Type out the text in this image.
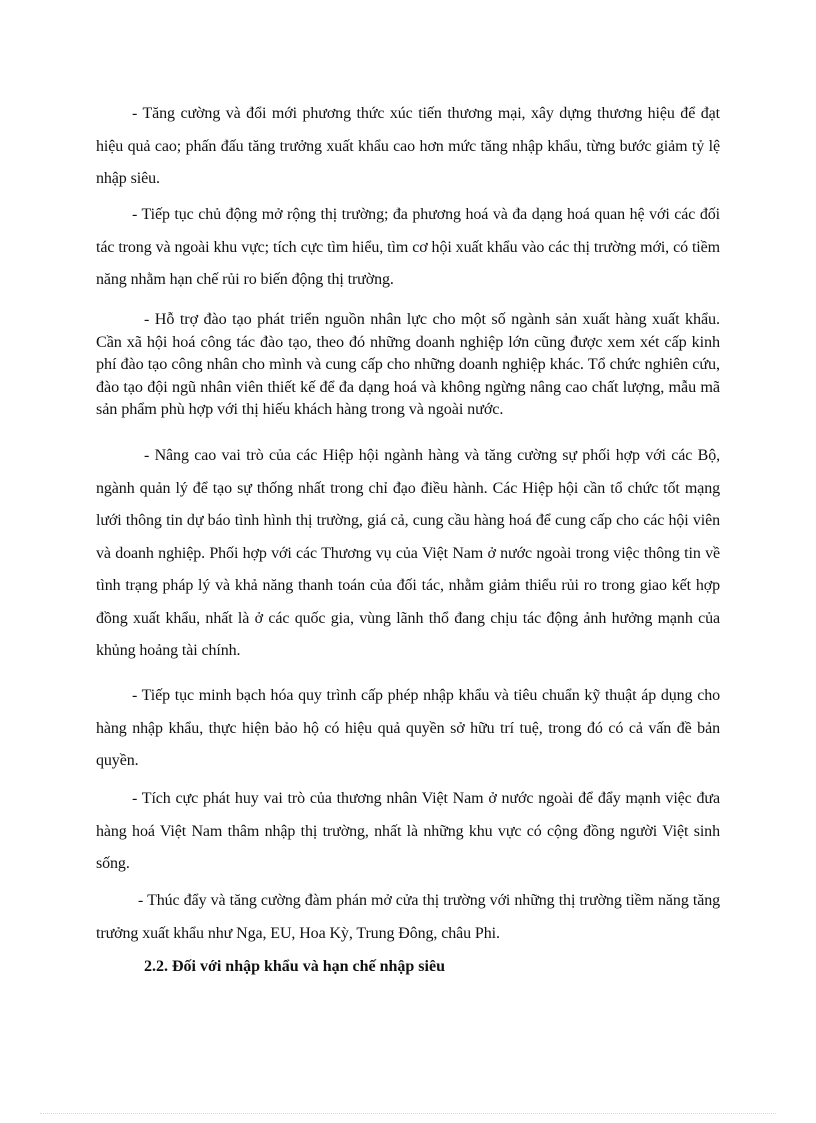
- Tăng cường và đổi mới phương thức xúc tiến thương mại, xây dựng thương hiệu để đạt hiệu quả cao; phấn đấu tăng trưởng xuất khẩu cao hơn mức tăng nhập khẩu, từng bước giảm tỷ lệ nhập siêu.

- Tiếp tục chủ động mở rộng thị trường; đa phương hoá và đa dạng hoá quan hệ với các đối tác trong và ngoài khu vực; tích cực tìm hiểu, tìm cơ hội xuất khẩu vào các thị trường mới, có tiềm năng nhằm hạn chế rủi ro biến động thị trường.

- Hỗ trợ đào tạo phát triển nguồn nhân lực cho một số ngành sản xuất hàng xuất khẩu. Cần xã hội hoá công tác đào tạo, theo đó những doanh nghiệp lớn cũng được xem xét cấp kinh phí đào tạo công nhân cho mình và cung cấp cho những doanh nghiệp khác. Tổ chức nghiên cứu, đào tạo đội ngũ nhân viên thiết kế để đa dạng hoá và không ngừng nâng cao chất lượng, mẫu mã sản phẩm phù hợp với thị hiếu khách hàng trong và ngoài nước.

- Nâng cao vai trò của các Hiệp hội ngành hàng và tăng cường sự phối hợp với các Bộ, ngành quản lý để tạo sự thống nhất trong chỉ đạo điều hành. Các Hiệp hội cần tổ chức tốt mạng lưới thông tin dự báo tình hình thị trường, giá cả, cung cầu hàng hoá để cung cấp cho các hội viên và doanh nghiệp. Phối hợp với các Thương vụ của Việt Nam ở nước ngoài trong việc thông tin về tình trạng pháp lý và khả năng thanh toán của đối tác, nhằm giảm thiểu rủi ro trong giao kết hợp đồng xuất khẩu, nhất là ở các quốc gia, vùng lãnh thổ đang chịu tác động ảnh hưởng mạnh của khủng hoảng tài chính.

- Tiếp tục minh bạch hóa quy trình cấp phép nhập khẩu và tiêu chuẩn kỹ thuật áp dụng cho hàng nhập khẩu, thực hiện bảo hộ có hiệu quả quyền sở hữu trí tuệ, trong đó có cả vấn đề bản quyền.

- Tích cực phát huy vai trò của thương nhân Việt Nam ở nước ngoài để đẩy mạnh việc đưa hàng hoá Việt Nam thâm nhập thị trường, nhất là những khu vực có cộng đồng người Việt sinh sống.

- Thúc đẩy và tăng cường đàm phán mở cửa thị trường với những thị trường tiềm năng tăng trưởng xuất khẩu như Nga, EU, Hoa Kỳ, Trung Đông, châu Phi.

2.2. Đối với nhập khẩu và hạn chế nhập siêu
